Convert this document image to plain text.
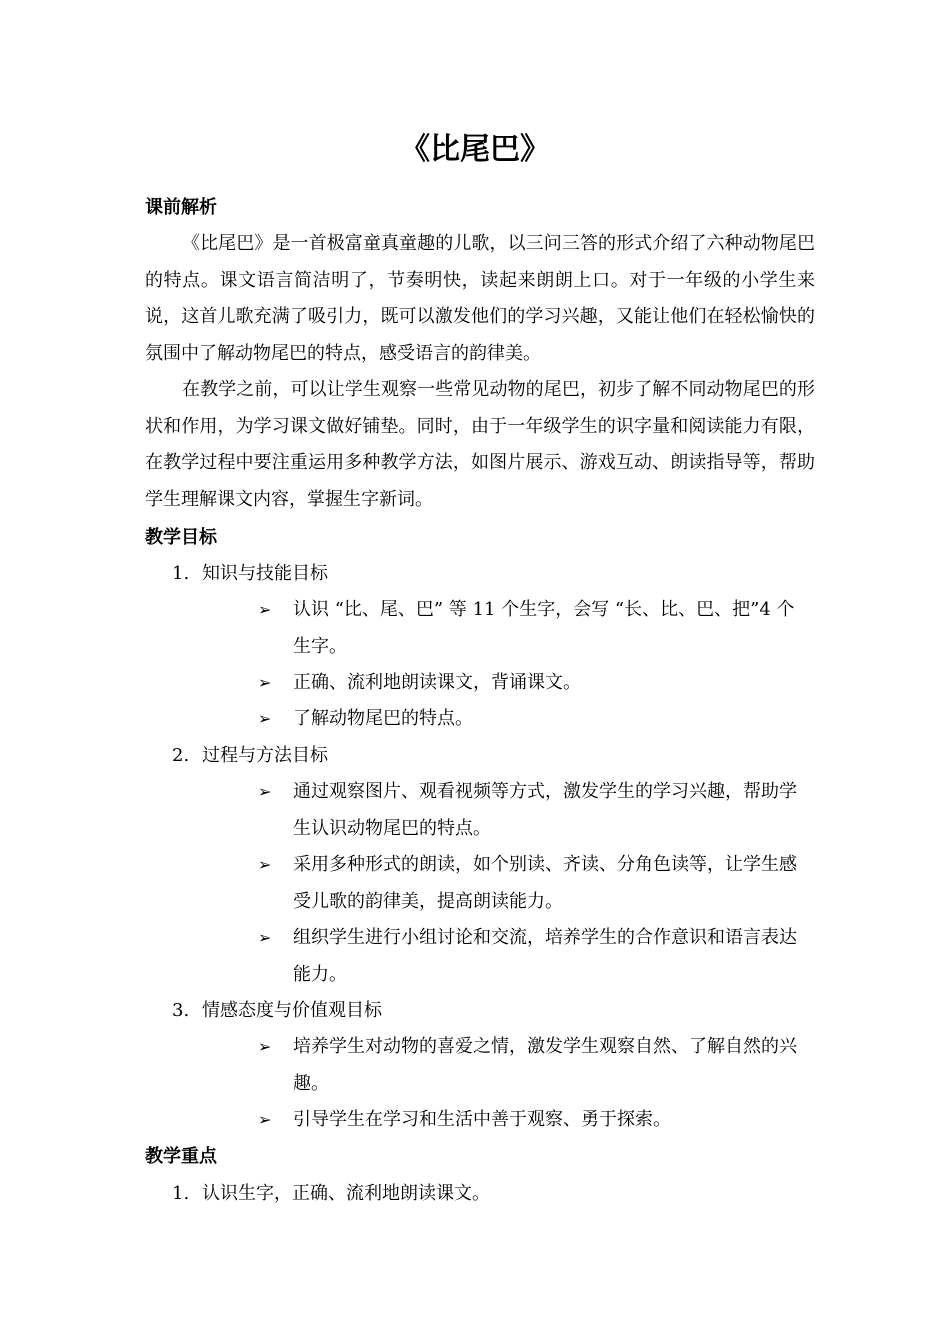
《比尾巴》
课前解析

《比尾巴》是一首极富童真童趣的儿歌，以三问三答的形式介绍了六种动物尾巴的特点。课文语言简洁明了，节奏明快，读起来朗朗上口。对于一年级的小学生来说，这首儿歌充满了吸引力，既可以激发他们的学习兴趣，又能让他们在轻松愉快的氛围中了解动物尾巴的特点，感受语言的韵律美。

在教学之前，可以让学生观察一些常见动物的尾巴，初步了解不同动物尾巴的形状和作用，为学习课文做好铺垫。同时，由于一年级学生的识字量和阅读能力有限，在教学过程中要注重运用多种教学方法，如图片展示、游戏互动、朗读指导等，帮助学生理解课文内容，掌握生字新词。

教学目标
1. 知识与技能目标
➢	认识 “比、尾、巴” 等 11 个生字，会写 “长、比、巴、把”4 个生字。
➢	正确、流利地朗读课文，背诵课文。
➢	了解动物尾巴的特点。
2. 过程与方法目标
➢	通过观察图片、观看视频等方式，激发学生的学习兴趣，帮助学生认识动物尾巴的特点。
➢	采用多种形式的朗读，如个别读、齐读、分角色读等，让学生感受儿歌的韵律美，提高朗读能力。
➢	组织学生进行小组讨论和交流，培养学生的合作意识和语言表达能力。
3. 情感态度与价值观目标
➢	培养学生对动物的喜爱之情，激发学生观察自然、了解自然的兴趣。
➢	引导学生在学习和生活中善于观察、勇于探索。
教学重点
1. 认识生字，正确、流利地朗读课文。
